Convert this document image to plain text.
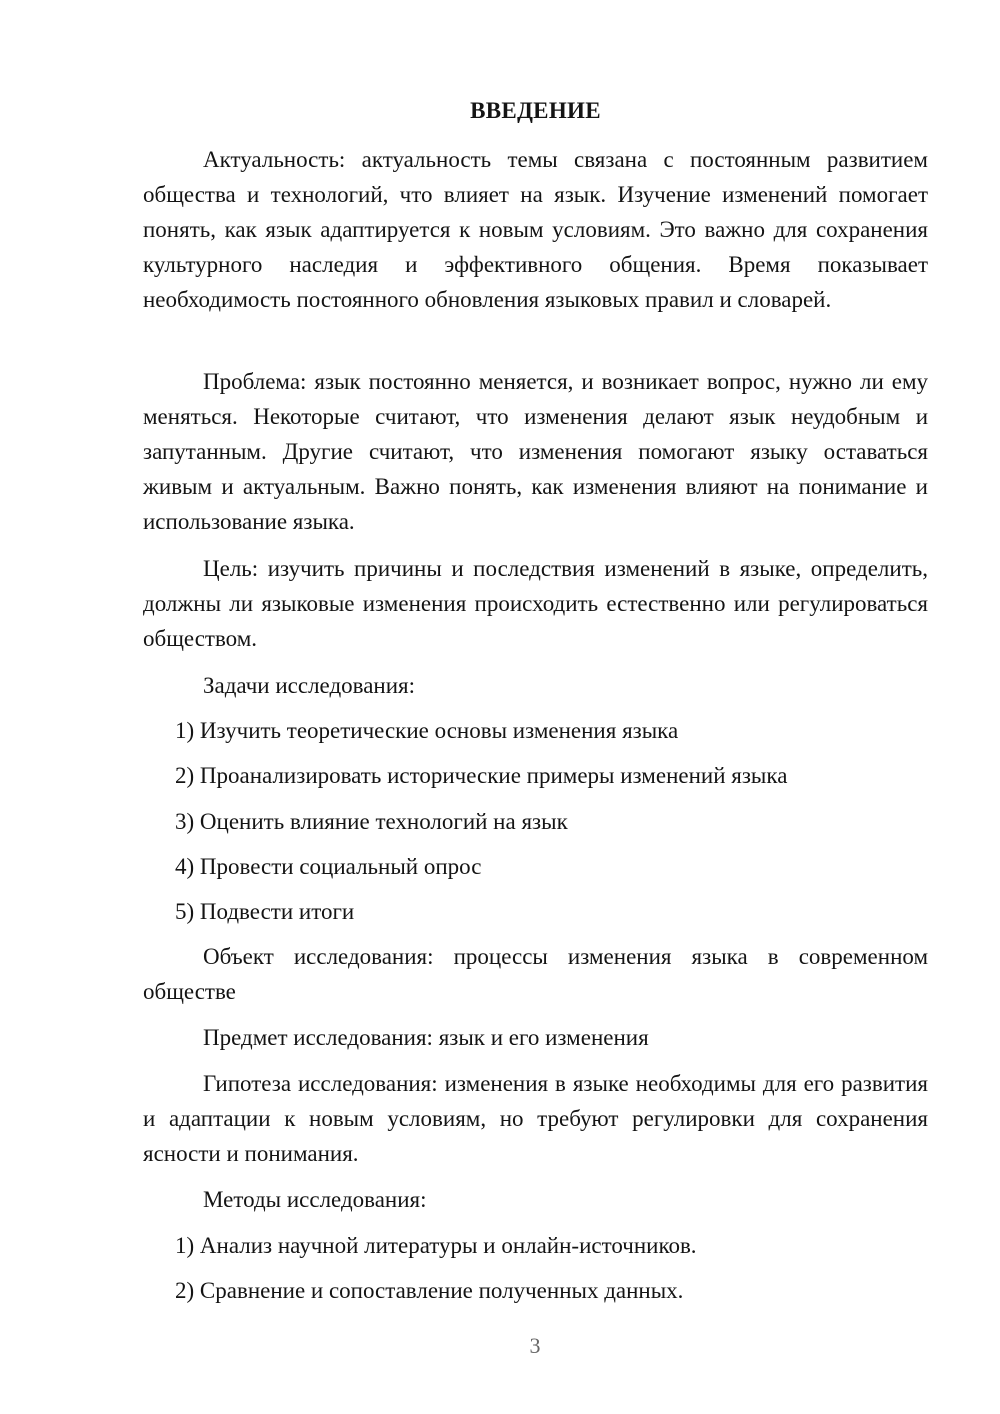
ВВЕДЕНИЕ

Актуальность: актуальность темы связана с постоянным развитием общества и технологий, что влияет на язык. Изучение изменений помогает понять, как язык адаптируется к новым условиям. Это важно для сохранения культурного наследия и эффективного общения. Время показывает необходимость постоянного обновления языковых правил и словарей.

Проблема: язык постоянно меняется, и возникает вопрос, нужно ли ему меняться. Некоторые считают, что изменения делают язык неудобным и запутанным. Другие считают, что изменения помогают языку оставаться живым и актуальным. Важно понять, как изменения влияют на понимание и использование языка.

Цель: изучить причины и последствия изменений в языке, определить, должны ли языковые изменения происходить естественно или регулироваться обществом.

Задачи исследования:

1) Изучить теоретические основы изменения языка

2) Проанализировать исторические примеры изменений языка

3) Оценить влияние технологий на язык

4) Провести социальный опрос

5) Подвести итоги

Объект исследования: процессы изменения языка в современном обществе

Предмет исследования: язык и его изменения

Гипотеза исследования: изменения в языке необходимы для его развития и адаптации к новым условиям, но требуют регулировки для сохранения ясности и понимания.

Методы исследования:

1) Анализ научной литературы и онлайн-источников.

2) Сравнение и сопоставление полученных данных.

3
